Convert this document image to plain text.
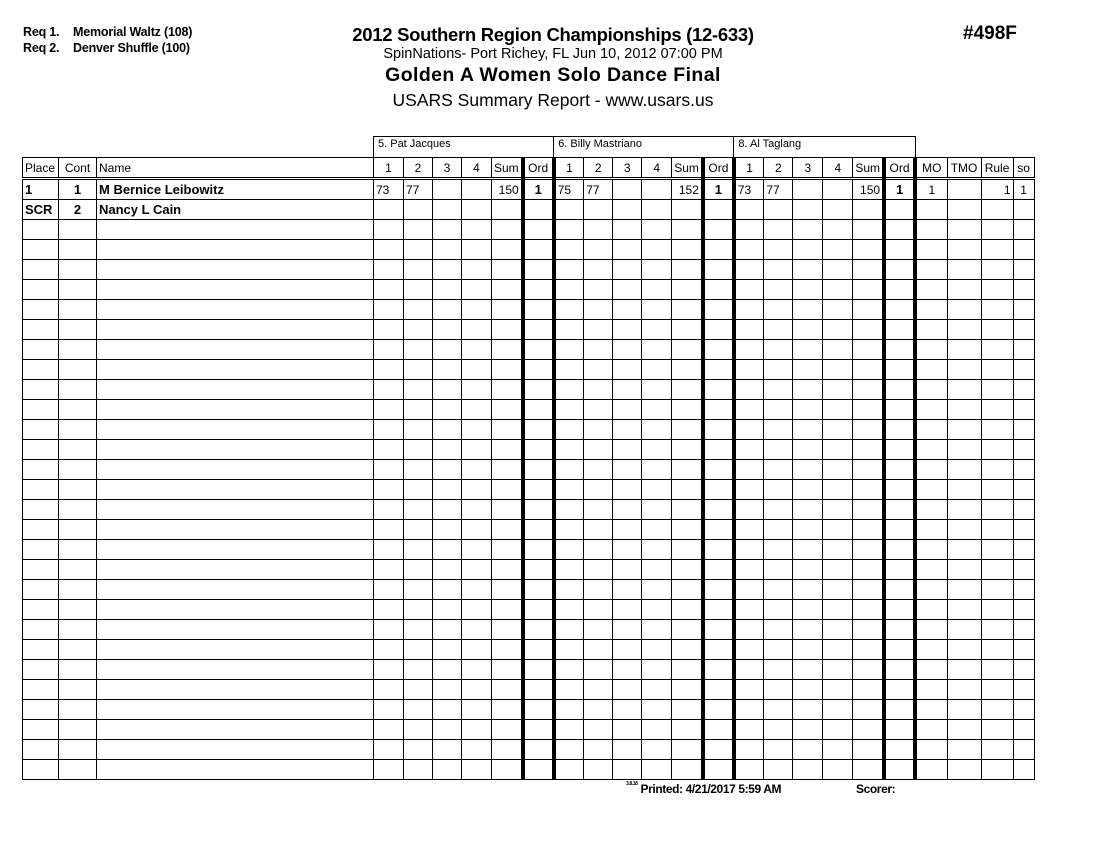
Req 1. Memorial Waltz (108)
Req 2. Denver Shuffle (100)
2012 Southern Region Championships (12-633)
SpinNations- Port Richey, FL Jun 10, 2012 07:00 PM
Golden A Women Solo Dance Final
USARS Summary Report - www.usars.us
#498F
			5. Pat Jacques						6. Billy Mastriano						8. Al Taglang									
Place	Cont	Name	1	2	3	4	Sum	Ord	1	2	3	4	Sum	Ord	1	2	3	4	Sum	Ord	MO	TMO	Rule	so
1	1	M Bernice Leibowitz	73	77			150	1	75	77			152	1	73	77			150	1	1		1	1
SCR	2	Nancy L Cain																						

$^{3.8.18}$ Printed: 4/21/2017 5:59 AM	Scorer:
